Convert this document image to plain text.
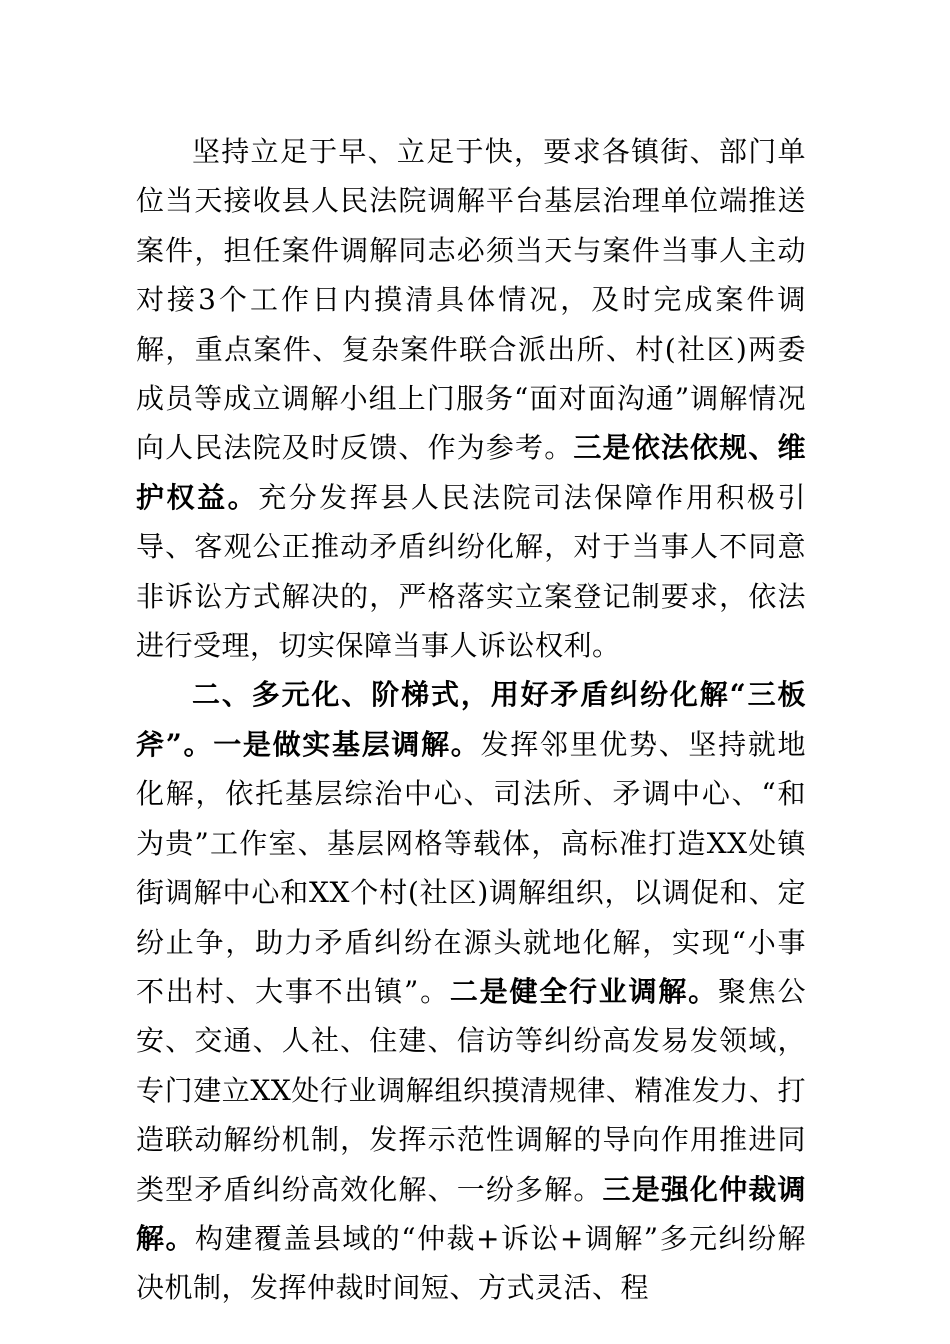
坚持立足于早、立足于快，要求各镇街、部门单位当天接收县人民法院调解平台基层治理单位端推送案件，担任案件调解同志必须当天与案件当事人主动对接3个工作日内摸清具体情况，及时完成案件调解，重点案件、复杂案件联合派出所、村(社区)两委成员等成立调解小组上门服务“面对面沟通”调解情况向人民法院及时反馈、作为参考。三是依法依规、维护权益。充分发挥县人民法院司法保障作用积极引导、客观公正推动矛盾纠纷化解，对于当事人不同意非诉讼方式解决的，严格落实立案登记制要求，依法进行受理，切实保障当事人诉讼权利。

二、多元化、阶梯式，用好矛盾纠纷化解“三板斧”。一是做实基层调解。发挥邻里优势、坚持就地化解，依托基层综治中心、司法所、矛调中心、“和为贵”工作室、基层网格等载体，高标准打造XX处镇街调解中心和XX个村(社区)调解组织，以调促和、定纷止争，助力矛盾纠纷在源头就地化解，实现“小事不出村、大事不出镇”。二是健全行业调解。聚焦公安、交通、人社、住建、信访等纠纷高发易发领域，专门建立XX处行业调解组织摸清规律、精准发力、打造联动解纷机制，发挥示范性调解的导向作用推进同类型矛盾纠纷高效化解、一纷多解。三是强化仲裁调解。构建覆盖县域的“仲裁+诉讼+调解”多元纠纷解决机制，发挥仲裁时间短、方式灵活、程
